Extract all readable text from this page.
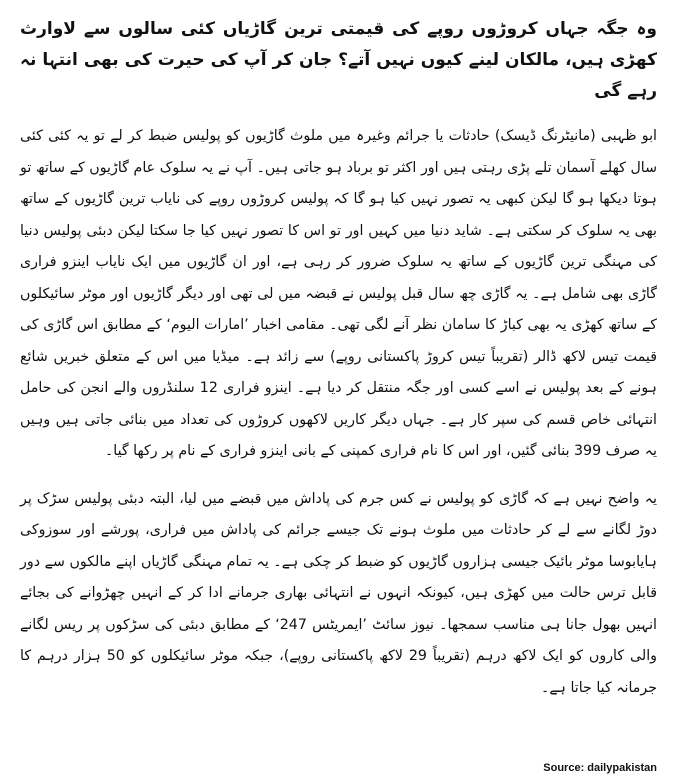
وہ جگہ جہاں کروڑوں روپے کی قیمتی ترین گاڑیاں کئی سالوں سے لاوارث کھڑی ہیں، مالکان لینے کیوں نہیں آتے؟ جان کر آپ کی حیرت کی بھی انتہا نہ رہے گی
ابو ظہبی (مانیٹرنگ ڈیسک) حادثات یا جرائم وغیرہ میں ملوث گاڑیوں کو پولیس ضبط کر لے تو یہ کئی کئی سال کھلے آسمان تلے پڑی رہتی ہیں اور اکثر تو برباد ہو جاتی ہیں۔ آپ نے یہ سلوک عام گاڑیوں کے ساتھ تو ہوتا دیکھا ہو گا لیکن کبھی یہ تصور نہیں کیا ہو گا کہ پولیس کروڑوں روپے کی نایاب ترین گاڑیوں کے ساتھ بھی یہ سلوک کر سکتی ہے۔ شاید دنیا میں کہیں اور تو اس کا تصور نہیں کیا جا سکتا لیکن دبئی پولیس دنیا کی مہنگی ترین گاڑیوں کے ساتھ یہ سلوک ضرور کر رہی ہے، اور ان گاڑیوں میں ایک نایاب اینزو فراری گاڑی بھی شامل ہے۔ یہ گاڑی چھ سال قبل پولیس نے قبضہ میں لی تھی اور دیگر گاڑیوں اور موٹر سائیکلوں کے ساتھ کھڑی یہ بھی کباڑ کا سامان نظر آنے لگی تھی۔ مقامی اخبار ’امارات الیوم‘ کے مطابق اس گاڑی کی قیمت تیس لاکھ ڈالر (تقریباً تیس کروڑ پاکستانی روپے) سے زائد ہے۔ میڈیا میں اس کے متعلق خبریں شائع ہونے کے بعد پولیس نے اسے کسی اور جگہ منتقل کر دیا ہے۔ اینزو فراری 12 سلنڈروں والے انجن کی حامل انتہائی خاص قسم کی سپر کار ہے۔ جہاں دیگر کاریں لاکھوں کروڑوں کی تعداد میں بنائی جاتی ہیں وہیں یہ صرف 399 بنائی گئیں، اور اس کا نام فراری کمپنی کے بانی اینزو فراری کے نام پر رکھا گیا۔
یہ واضح نہیں ہے کہ گاڑی کو پولیس نے کس جرم کی پاداش میں قبضے میں لیا، البتہ دبئی پولیس سڑک پر دوڑ لگانے سے لے کر حادثات میں ملوث ہونے تک جیسے جرائم کی پاداش میں فراری، پورشے اور سوزوکی ہایابوسا موٹر بائیک جیسی ہزاروں گاڑیوں کو ضبط کر چکی ہے۔ یہ تمام مہنگی گاڑیاں اپنے مالکوں سے دور قابل ترس حالت میں کھڑی ہیں، کیونکہ انہوں نے انتہائی بھاری جرمانے ادا کر کے انہیں چھڑوانے کی بجائے انہیں بھول جانا ہی مناسب سمجھا۔ نیوز سائٹ ’ایمریٹس 247‘ کے مطابق دبئی کی سڑکوں پر ریس لگانے والی کاروں کو ایک لاکھ درہم (تقریباً 29 لاکھ پاکستانی روپے)، جبکہ موٹر سائیکلوں کو 50 ہزار درہم کا جرمانہ کیا جاتا ہے۔
Source: dailypakistan
